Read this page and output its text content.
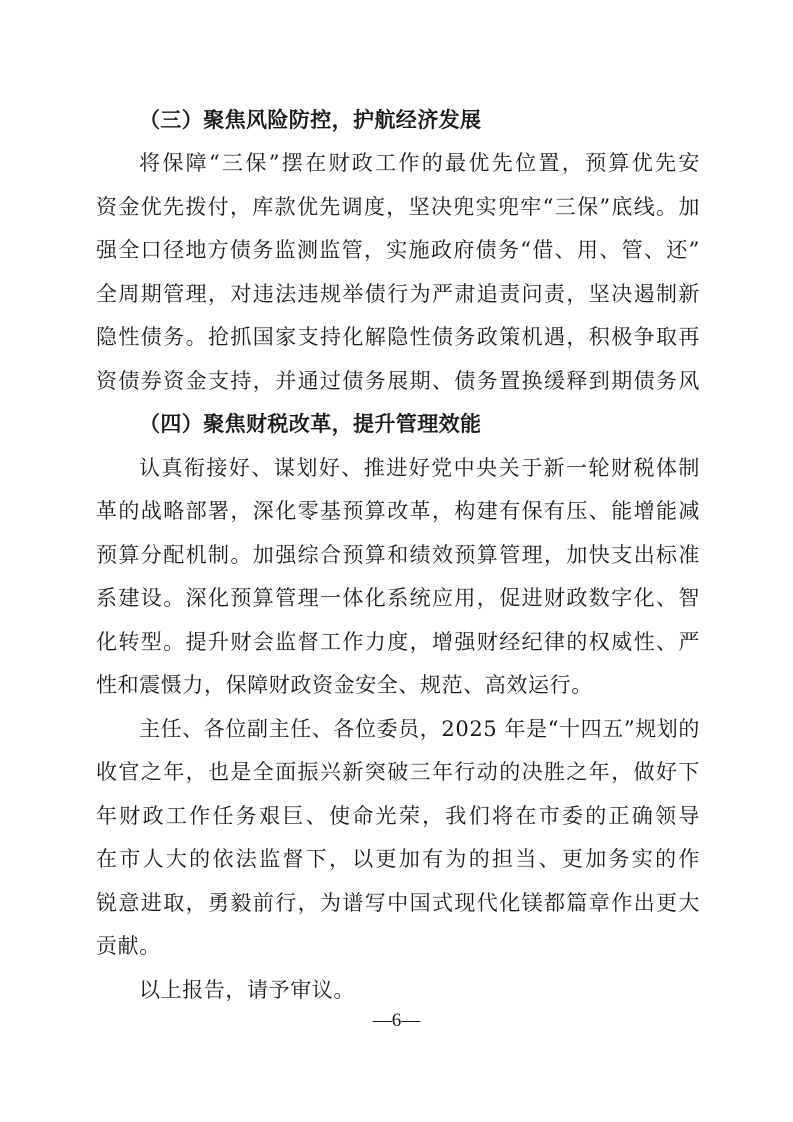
（三）聚焦风险防控，护航经济发展
将保障“三保”摆在财政工作的最优先位置，预算优先安
资金优先拨付，库款优先调度，坚决兜实兜牢“三保”底线。加
强全口径地方债务监测监管，实施政府债务“借、用、管、还”
全周期管理，对违法违规举债行为严肃追责问责，坚决遏制新
隐性债务。抢抓国家支持化解隐性债务政策机遇，积极争取再
资债券资金支持，并通过债务展期、债务置换缓释到期债务风
（四）聚焦财税改革，提升管理效能
认真衔接好、谋划好、推进好党中央关于新一轮财税体制
革的战略部署，深化零基预算改革，构建有保有压、能增能减
预算分配机制。加强综合预算和绩效预算管理，加快支出标准
系建设。深化预算管理一体化系统应用，促进财政数字化、智
化转型。提升财会监督工作力度，增强财经纪律的权威性、严
性和震慑力，保障财政资金安全、规范、高效运行。
主任、各位副主任、各位委员，2025 年是“十四五”规划的
收官之年，也是全面振兴新突破三年行动的决胜之年，做好下
年财政工作任务艰巨、使命光荣，我们将在市委的正确领导
在市人大的依法监督下，以更加有为的担当、更加务实的作
锐意进取，勇毅前行，为谱写中国式现代化镁都篇章作出更大
贡献。
以上报告，请予审议。
—6—
